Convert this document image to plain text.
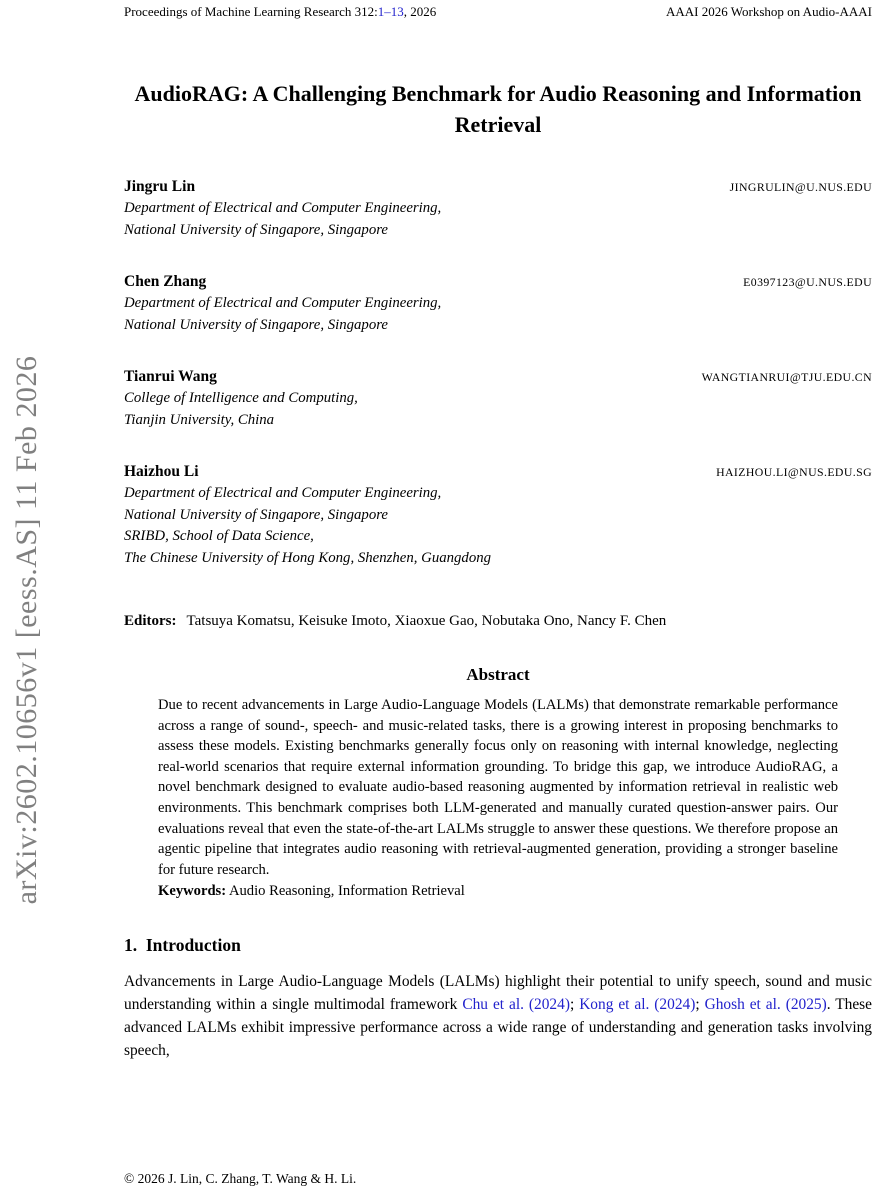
arXiv:2602.10656v1 [eess.AS] 11 Feb 2026
Proceedings of Machine Learning Research 312:1–13, 2026	AAAI 2026 Workshop on Audio-AAAI
AudioRAG: A Challenging Benchmark for Audio Reasoning and Information Retrieval
Jingru Lin	JINGRULIN@U.NUS.EDU
Department of Electrical and Computer Engineering,
National University of Singapore, Singapore
Chen Zhang	E0397123@U.NUS.EDU
Department of Electrical and Computer Engineering,
National University of Singapore, Singapore
Tianrui Wang	WANGTIANRUI@TJU.EDU.CN
College of Intelligence and Computing,
Tianjin University, China
Haizhou Li	HAIZHOU.LI@NUS.EDU.SG
Department of Electrical and Computer Engineering,
National University of Singapore, Singapore
SRIBD, School of Data Science,
The Chinese University of Hong Kong, Shenzhen, Guangdong
Editors: Tatsuya Komatsu, Keisuke Imoto, Xiaoxue Gao, Nobutaka Ono, Nancy F. Chen
Abstract

Due to recent advancements in Large Audio-Language Models (LALMs) that demonstrate remarkable performance across a range of sound-, speech- and music-related tasks, there is a growing interest in proposing benchmarks to assess these models. Existing benchmarks generally focus only on reasoning with internal knowledge, neglecting real-world scenarios that require external information grounding. To bridge this gap, we introduce AudioRAG, a novel benchmark designed to evaluate audio-based reasoning augmented by information retrieval in realistic web environments. This benchmark comprises both LLM-generated and manually curated question-answer pairs. Our evaluations reveal that even the state-of-the-art LALMs struggle to answer these questions. We therefore propose an agentic pipeline that integrates audio reasoning with retrieval-augmented generation, providing a stronger baseline for future research.

Keywords: Audio Reasoning, Information Retrieval

1. Introduction

Advancements in Large Audio-Language Models (LALMs) highlight their potential to unify speech, sound and music understanding within a single multimodal framework Chu et al. (2024); Kong et al. (2024); Ghosh et al. (2025). These advanced LALMs exhibit impressive performance across a wide range of understanding and generation tasks involving speech,

© 2026 J. Lin, C. Zhang, T. Wang & H. Li.
